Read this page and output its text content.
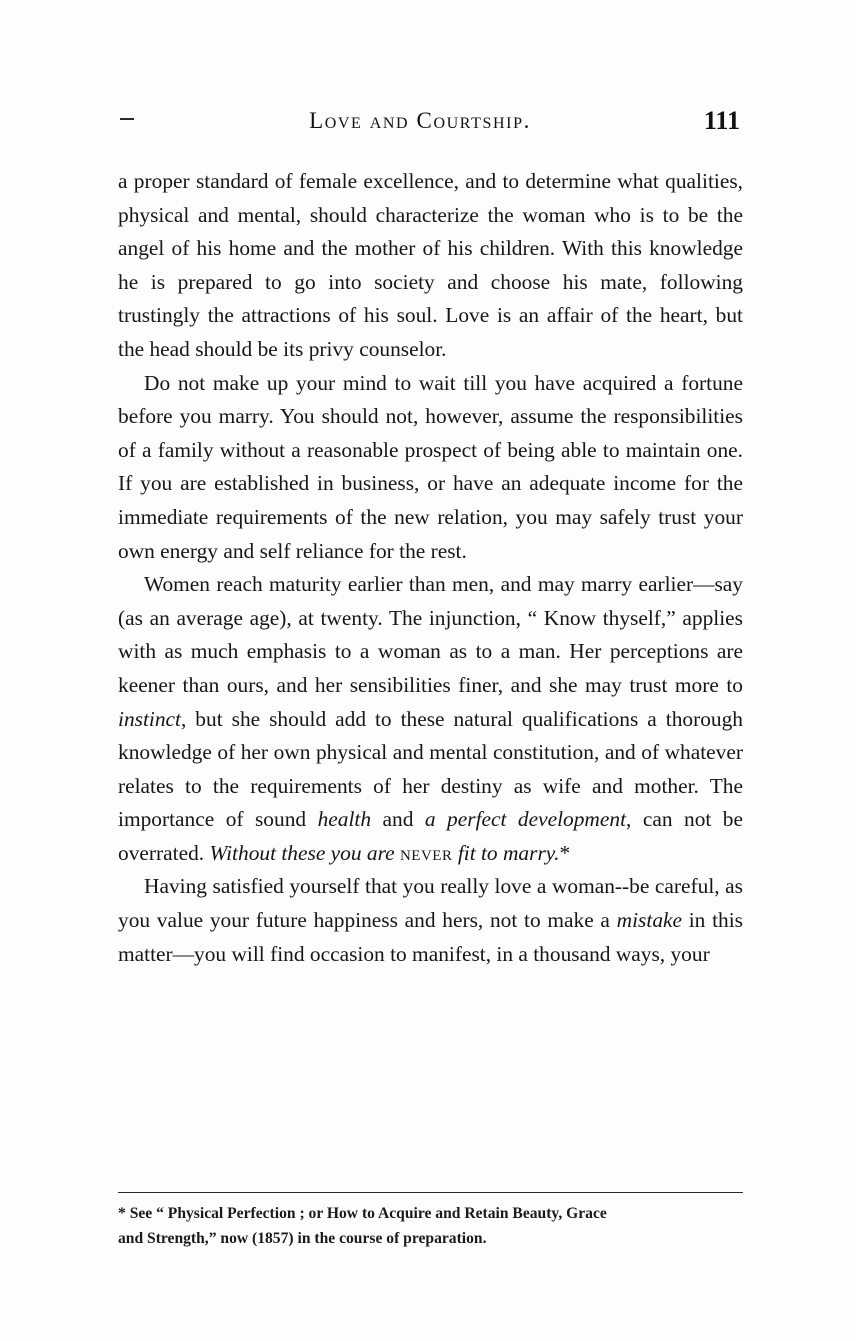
Love and Courtship.	111

a proper standard of female excellence, and to determine what qualities, physical and mental, should characterize the woman who is to be the angel of his home and the mother of his children. With this knowledge he is prepared to go into society and choose his mate, following trustingly the attractions of his soul. Love is an affair of the heart, but the head should be its privy counselor.

Do not make up your mind to wait till you have acquired a fortune before you marry. You should not, however, assume the responsibilities of a family without a reasonable prospect of being able to maintain one. If you are established in business, or have an adequate income for the immediate requirements of the new relation, you may safely trust your own energy and self reliance for the rest.

Women reach maturity earlier than men, and may marry earlier—say (as an average age), at twenty. The injunction, “ Know thyself,” applies with as much emphasis to a woman as to a man. Her perceptions are keener than ours, and her sensibilities finer, and she may trust more to instinct, but she should add to these natural qualifications a thorough knowledge of her own physical and mental constitution, and of whatever relates to the requirements of her destiny as wife and mother. The importance of sound health and a perfect development, can not be overrated. Without these you are never fit to marry.*

Having satisfied yourself that you really love a woman--be careful, as you value your future happiness and hers, not to make a mistake in this matter—you will find occasion to manifest, in a thousand ways, your

* See “ Physical Perfection ; or How to Acquire and Retain Beauty, Grace
and Strength,” now (1857) in the course of preparation.
